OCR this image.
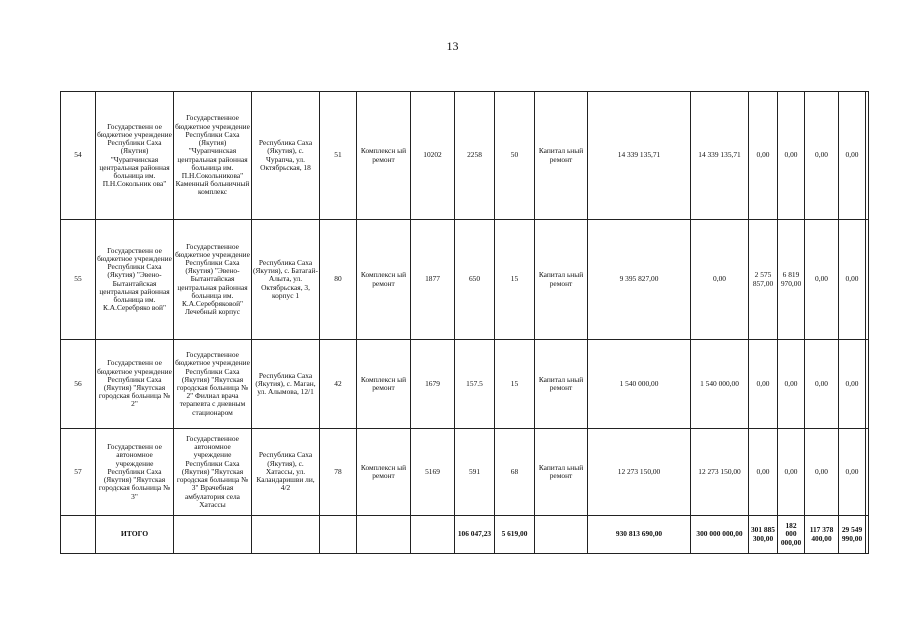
13
54	Государственн ое бюджетное учреждение Республики Саха (Якутия) "Чурапчинская центральная районная больница им. П.Н.Сокольник ова"	Государственное бюджетное учреждение Республики Саха (Якутия) "Чурапчинская центральная районная больница им. П.Н.Сокольникова" Каменный больничный комплекс	Республика Саха (Якутия), с. Чурапча, ул. Октябрьская, 18	51	Комплексн ый ремонт	10202	2258	50	Капитал ьный ремонт	14 339 135,71	14 339 135,71	0,00	0,00	0,00	0,00	
55	Государственн ое бюджетное учреждение Республики Саха (Якутия) "Эвено-Бытантайская центральная районная больница им. К.А.Серебряко вой"	Государственное бюджетное учреждение Республики Саха (Якутия) "Эвено-Бытантайская центральная районная больница им. К.А.Серебряковой" Лечебный корпус	Республика Саха (Якутия), с. Батагай-Алыта, ул. Октябрьская, 3, корпус 1	80	Комплексн ый ремонт	1877	650	15	Капитал ьный ремонт	9 395 827,00	0,00	2 575 857,00	6 819 970,00	0,00	0,00	
56	Государственн ое бюджетное учреждение Республики Саха (Якутия) "Якутская городская больница № 2"	Государственное бюджетное учреждение Республики Саха (Якутия) "Якутская городская больница № 2" Филиал врача терапевта с дневным стационаром	Республика Саха (Якутия), с. Маган, ул. Алымова, 12/1	42	Комплексн ый ремонт	1679	157.5	15	Капитал ьный ремонт	1 540 000,00	1 540 000,00	0,00	0,00	0,00	0,00	
57	Государственн ое автономное учреждение Республики Саха (Якутия) "Якутская городская больница № 3"	Государственное автономное учреждение Республики Саха (Якутия) "Якутская городская больница № 3" Врачебная амбулатория села Хатассы	Республика Саха (Якутия), с. Хатассы, ул. Каландаришви ли, 4/2	78	Комплексн ый ремонт	5169	591	68	Капитал ьный ремонт	12 273 150,00	12 273 150,00	0,00	0,00	0,00	0,00	
	ИТОГО						106 047,23	5 619,00		930 813 690,00	300 000 000,00	301 885 300,00	182 000 000,00	117 378 400,00	29 549 990,00	
